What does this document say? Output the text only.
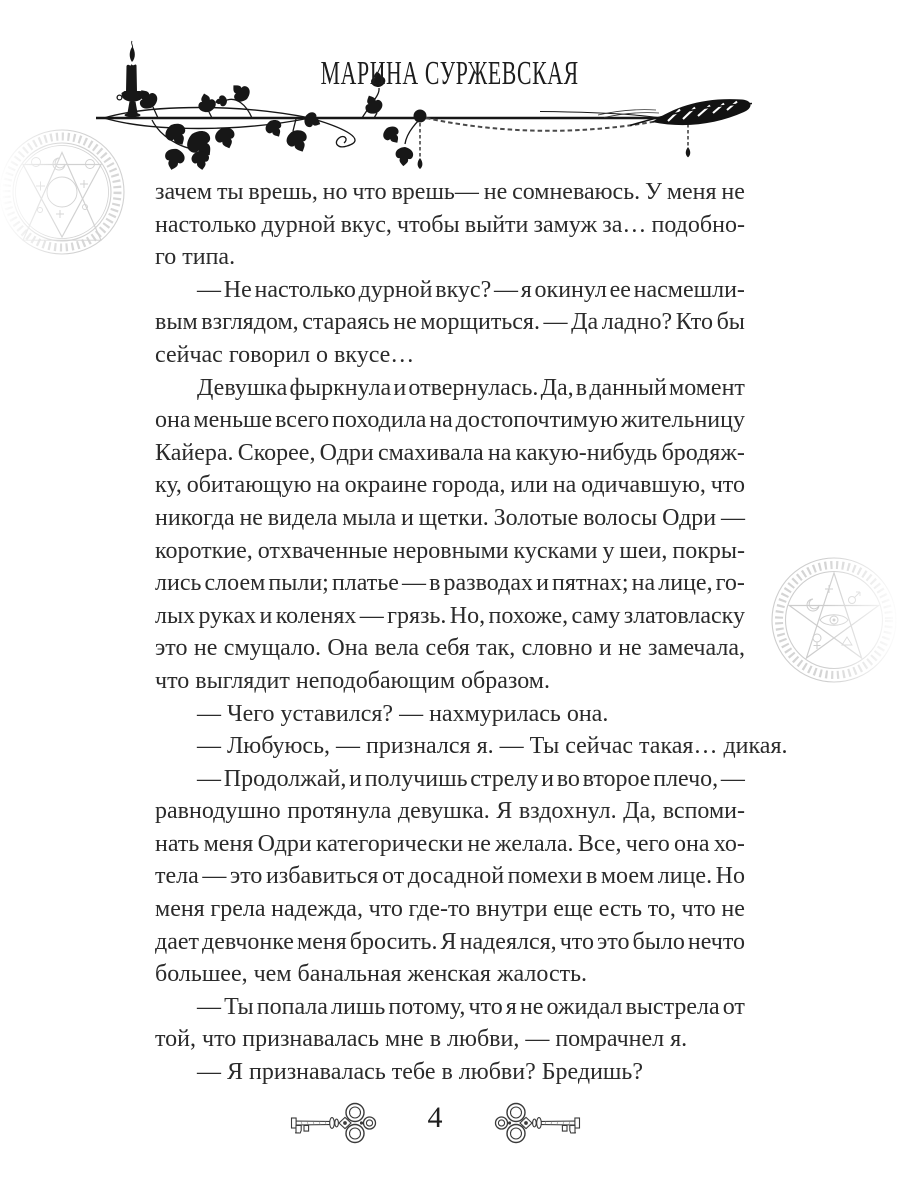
МАРИНА СУРЖЕВСКАЯ
зачем ты врешь, но что врешь— не сомневаюсь. У меня не
настолько дурной вкус, чтобы выйти замуж за… подобно-
го типа.
— Не настолько дурной вкус? — я окинул ее насмешли-
вым взглядом, стараясь не морщиться. — Да ладно? Кто бы
сейчас говорил о вкусе…
Девушка фыркнула и отвернулась. Да, в данный момент
она меньше всего походила на достопочтимую жительницу
Кайера. Скорее, Одри смахивала на какую-нибудь бродяж-
ку, обитающую на окраине города, или на одичавшую, что
никогда не видела мыла и щетки. Золотые волосы Одри —
короткие, отхваченные неровными кусками у шеи, покры-
лись слоем пыли; платье — в разводах и пятнах; на лице, го-
лых руках и коленях — грязь. Но, похоже, саму златовласку
это не смущало. Она вела себя так, словно и не замечала,
что выглядит неподобающим образом.
— Чего уставился? — нахмурилась она.
— Любуюсь, — признался я. — Ты сейчас такая… дикая.
— Продолжай, и получишь стрелу и во второе плечо, —
равнодушно протянула девушка. Я вздохнул. Да, вспоми-
нать меня Одри категорически не желала. Все, чего она хо-
тела — это избавиться от досадной помехи в моем лице. Но
меня грела надежда, что где-то внутри еще есть то, что не
дает девчонке меня бросить. Я надеялся, что это было нечто
большее, чем банальная женская жалость.
— Ты попала лишь потому, что я не ожидал выстрела от
той, что признавалась мне в любви, — помрачнел я.
— Я признавалась тебе в любви? Бредишь?
4
